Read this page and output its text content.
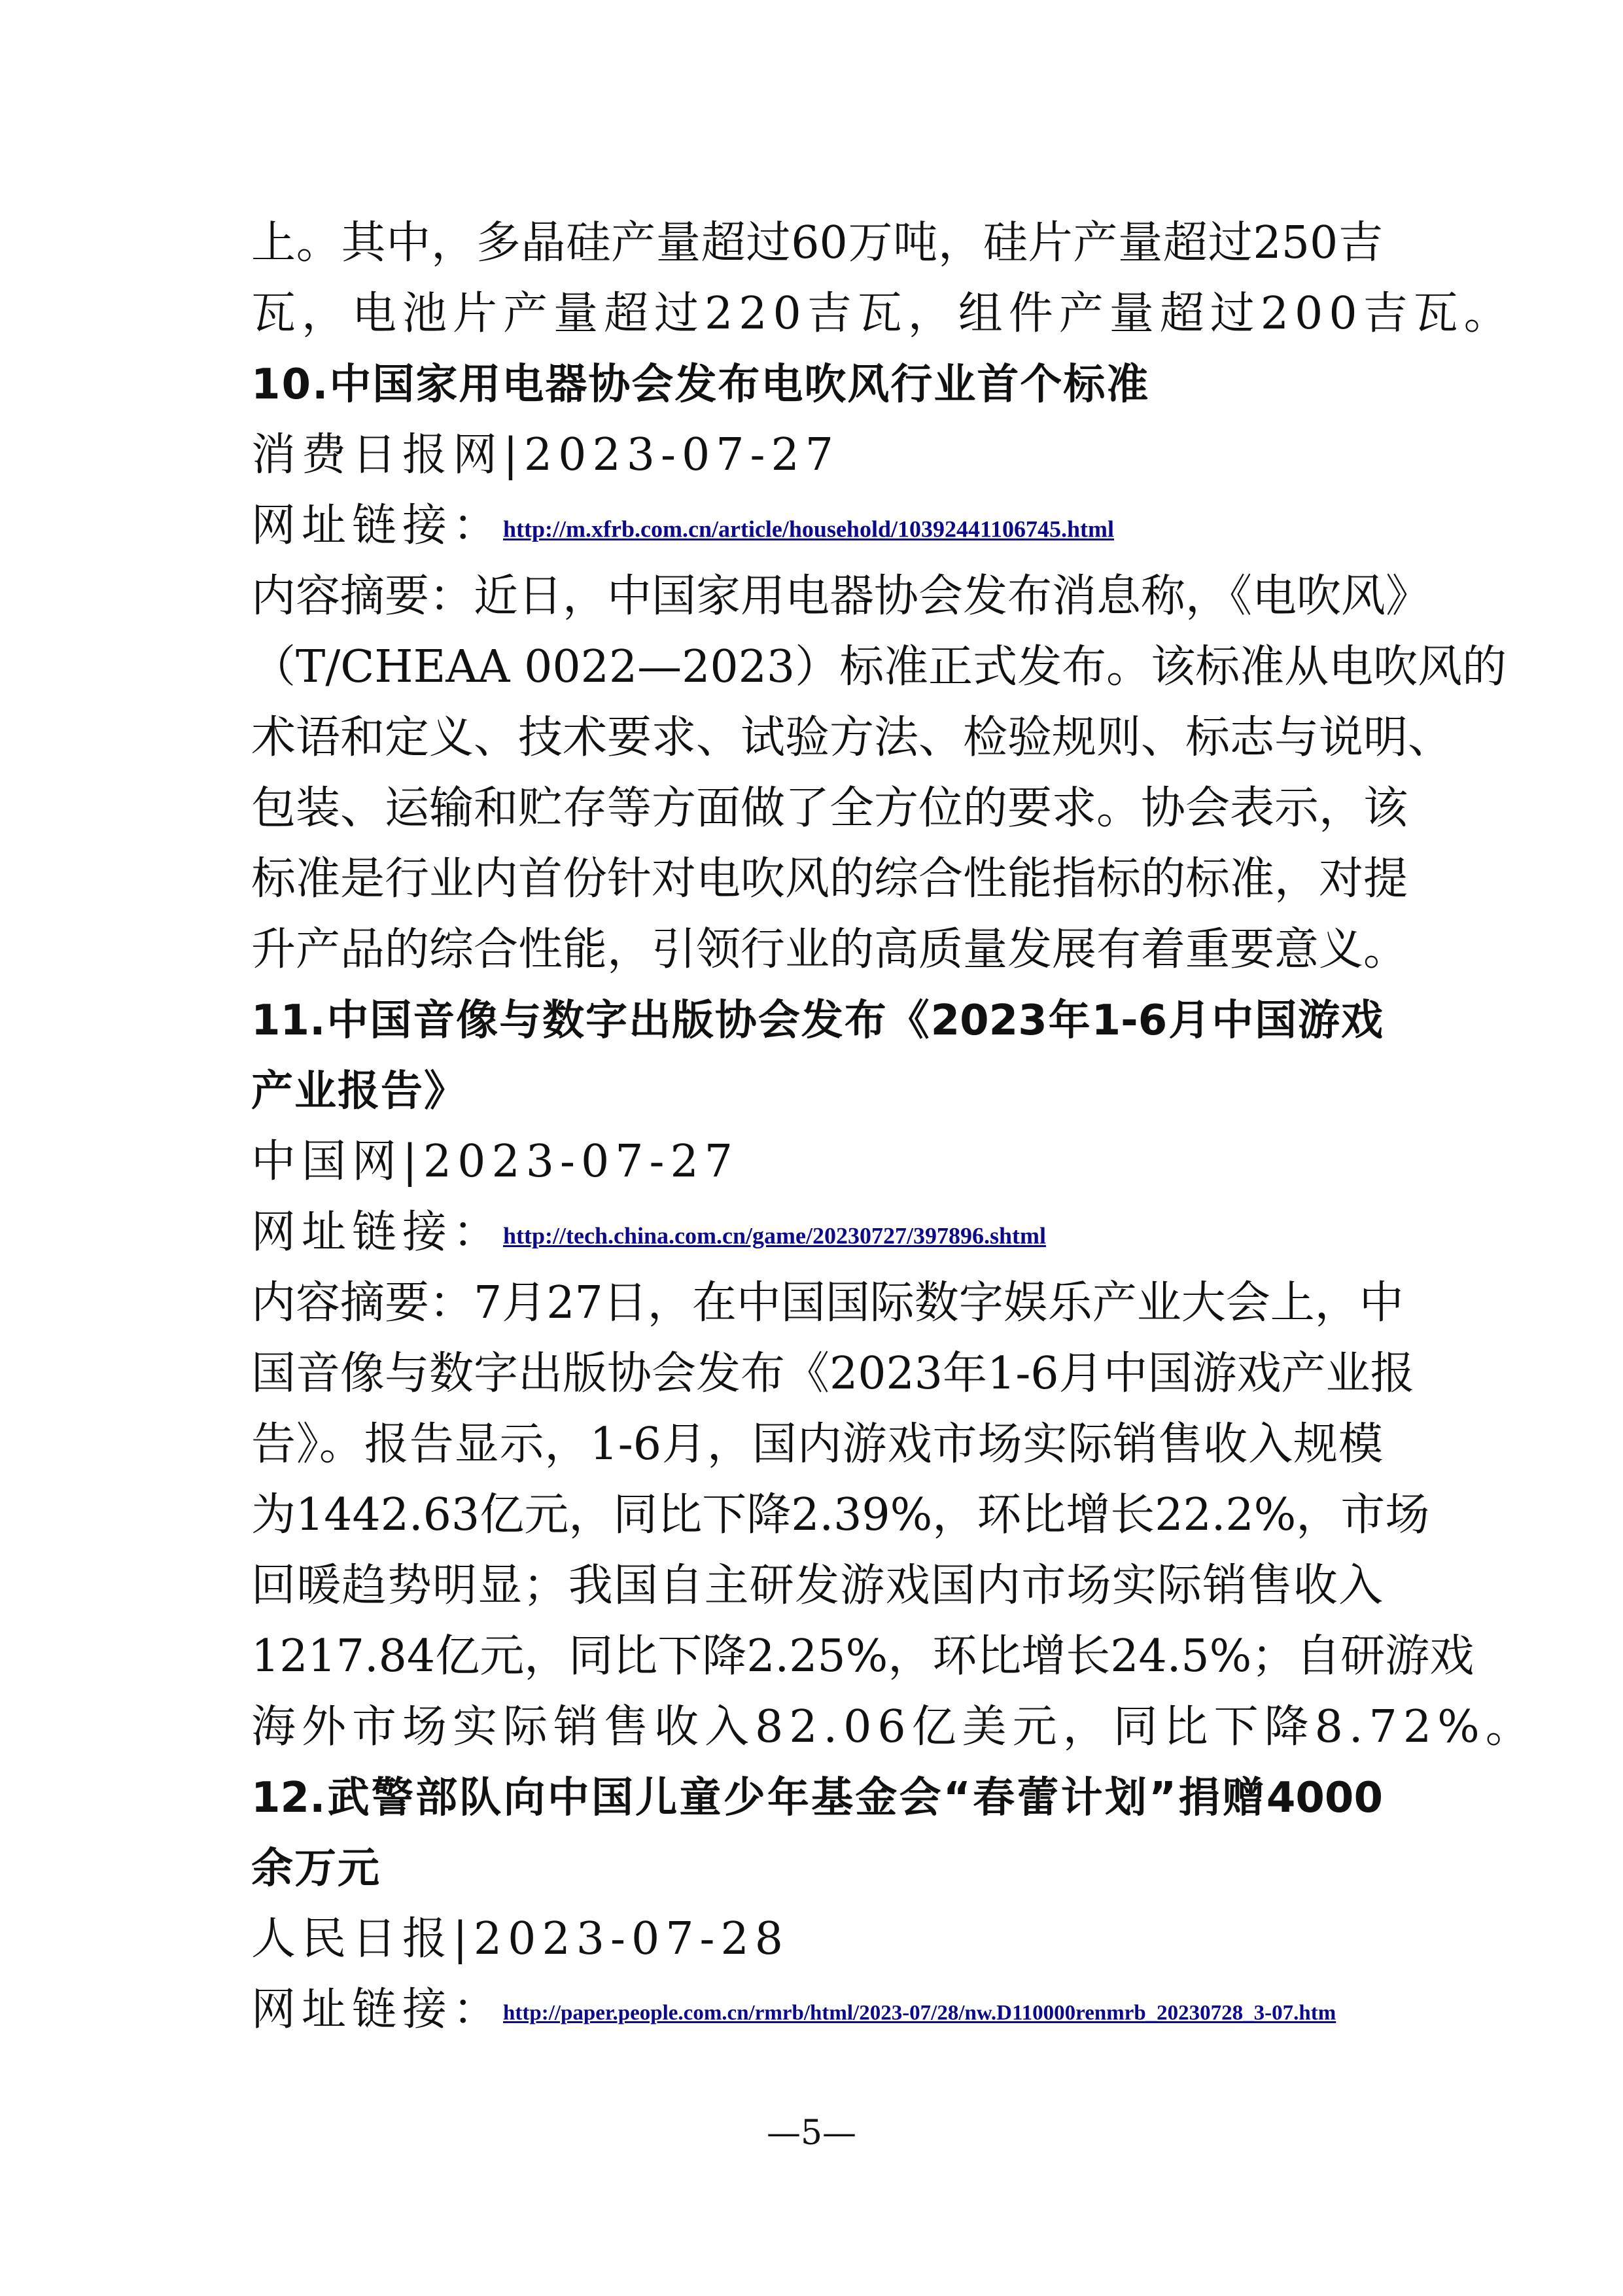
上。其中，多晶硅产量超过60万吨，硅片产量超过250吉
瓦，电池片产量超过220吉瓦，组件产量超过200吉瓦。
10.中国家用电器协会发布电吹风行业首个标准
消费日报网|2023-07-27
网址链接：http://m.xfrb.com.cn/article/household/10392441106745.html
内容摘要：近日，中国家用电器协会发布消息称，《电吹风》
（T/CHEAA 0022—2023）标准正式发布。该标准从电吹风的
术语和定义、技术要求、试验方法、检验规则、标志与说明、
包装、运输和贮存等方面做了全方位的要求。协会表示，该
标准是行业内首份针对电吹风的综合性能指标的标准，对提
升产品的综合性能，引领行业的高质量发展有着重要意义。
11.中国音像与数字出版协会发布《2023年1-6月中国游戏
产业报告》
中国网|2023-07-27
网址链接：http://tech.china.com.cn/game/20230727/397896.shtml
内容摘要：7月27日，在中国国际数字娱乐产业大会上，中
国音像与数字出版协会发布《2023年1-6月中国游戏产业报
告》。报告显示，1-6月，国内游戏市场实际销售收入规模
为1442.63亿元，同比下降2.39%，环比增长22.2%，市场
回暖趋势明显；我国自主研发游戏国内市场实际销售收入
1217.84亿元，同比下降2.25%，环比增长24.5%；自研游戏
海外市场实际销售收入82.06亿美元，同比下降8.72%。
12.武警部队向中国儿童少年基金会“春蕾计划”捐赠4000
余万元
人民日报|2023-07-28
网址链接：http://paper.people.com.cn/rmrb/html/2023-07/28/nw.D110000renmrb_20230728_3-07.htm
—5—
